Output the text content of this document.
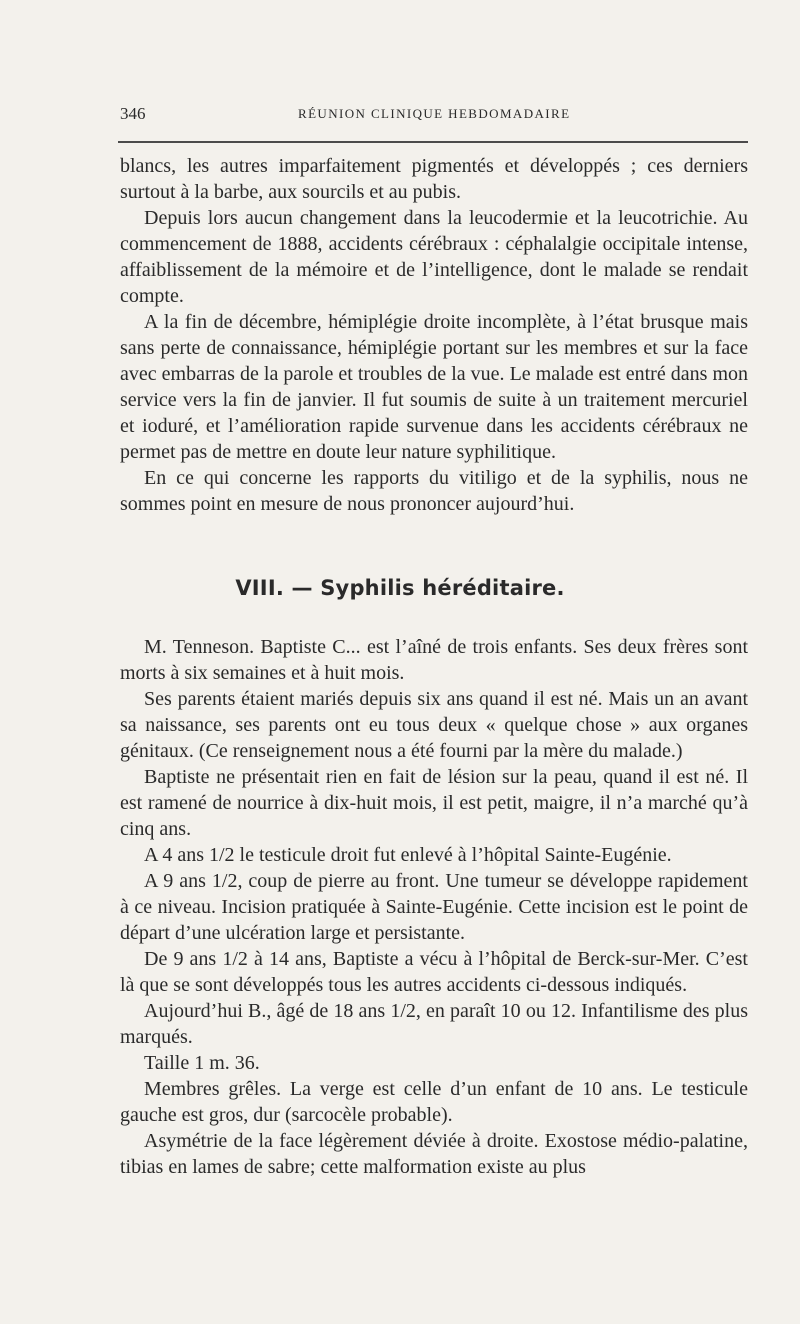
346	RÉUNION CLINIQUE HEBDOMADAIRE

blancs, les autres imparfaitement pigmentés et développés ; ces derniers surtout à la barbe, aux sourcils et au pubis.

Depuis lors aucun changement dans la leucodermie et la leucotrichie. Au commencement de 1888, accidents cérébraux : céphalalgie occipitale intense, affaiblissement de la mémoire et de l’intelligence, dont le malade se rendait compte.

A la fin de décembre, hémiplégie droite incomplète, à l’état brusque mais sans perte de connaissance, hémiplégie portant sur les membres et sur la face avec embarras de la parole et troubles de la vue. Le malade est entré dans mon service vers la fin de janvier. Il fut soumis de suite à un traitement mercuriel et ioduré, et l’amélioration rapide survenue dans les accidents cérébraux ne permet pas de mettre en doute leur nature syphilitique.

En ce qui concerne les rapports du vitiligo et de la syphilis, nous ne sommes point en mesure de nous prononcer aujourd’hui.

VIII. — Syphilis héréditaire.

M. Tenneson. Baptiste C... est l’aîné de trois enfants. Ses deux frères sont morts à six semaines et à huit mois.

Ses parents étaient mariés depuis six ans quand il est né. Mais un an avant sa naissance, ses parents ont eu tous deux « quelque chose » aux organes génitaux. (Ce renseignement nous a été fourni par la mère du malade.)

Baptiste ne présentait rien en fait de lésion sur la peau, quand il est né. Il est ramené de nourrice à dix-huit mois, il est petit, maigre, il n’a marché qu’à cinq ans.

A 4 ans 1/2 le testicule droit fut enlevé à l’hôpital Sainte-Eugénie.

A 9 ans 1/2, coup de pierre au front. Une tumeur se développe rapidement à ce niveau. Incision pratiquée à Sainte-Eugénie. Cette incision est le point de départ d’une ulcération large et persistante.

De 9 ans 1/2 à 14 ans, Baptiste a vécu à l’hôpital de Berck-sur-Mer. C’est là que se sont développés tous les autres accidents ci-dessous indiqués.

Aujourd’hui B., âgé de 18 ans 1/2, en paraît 10 ou 12. Infantilisme des plus marqués.

Taille 1 m. 36.

Membres grêles. La verge est celle d’un enfant de 10 ans. Le testicule gauche est gros, dur (sarcocèle probable).

Asymétrie de la face légèrement déviée à droite. Exostose médio-palatine, tibias en lames de sabre; cette malformation existe au plus
